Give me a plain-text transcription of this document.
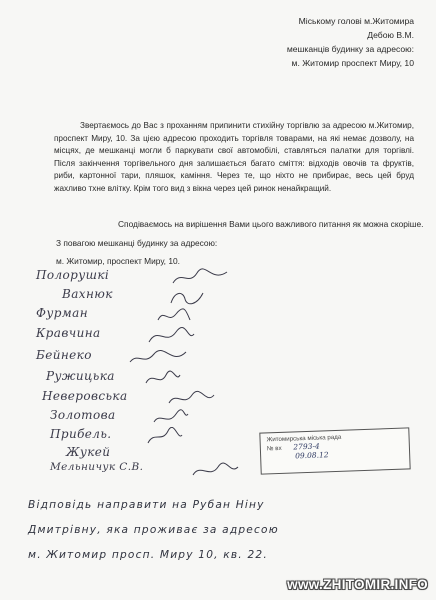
Міському голові м.Житомира
Дебою В.М.
мешканців будинку за адресою:
м. Житомир проспект Миру, 10

Звертаємось до Вас з проханням припинити стихійну торгівлю за адресою м.Житомир, проспект Миру, 10. За цією адресою проходить торгівля товарами, на які немає дозволу, на місцях, де мешканці могли б паркувати свої автомобілі, ставляться палатки для торгівлі. Після закінчення торгівельного дня залишається багато сміття: відходів овочів та фруктів, риби, картонної тари, пляшок, каміння. Через те, що ніхто не прибирає, весь цей бруд жахливо тхне влітку. Крім того вид з вікна через цей ринок ненайкращий.

Сподіваємось на вирішення Вами цього важливого питання як можна скоріше.
З повагою мешканці будинку за адресою:
м. Житомир, проспект Миру, 10.
Полорушкі
Вахнюк
Фурман
Кравчина
Бейнеко
Ружицька
Неверовська
Золотова
Прибель.
Жукей
Мельничук С.В.
Житомирська міська рада
№ вх 2793-4
09.08.12
Відповідь направити на Рубан Ніну
Дмитрівну, яка проживає за адресою
м. Житомир просп. Миру 10, кв. 22.
www.ZHITOMIR.INFO
